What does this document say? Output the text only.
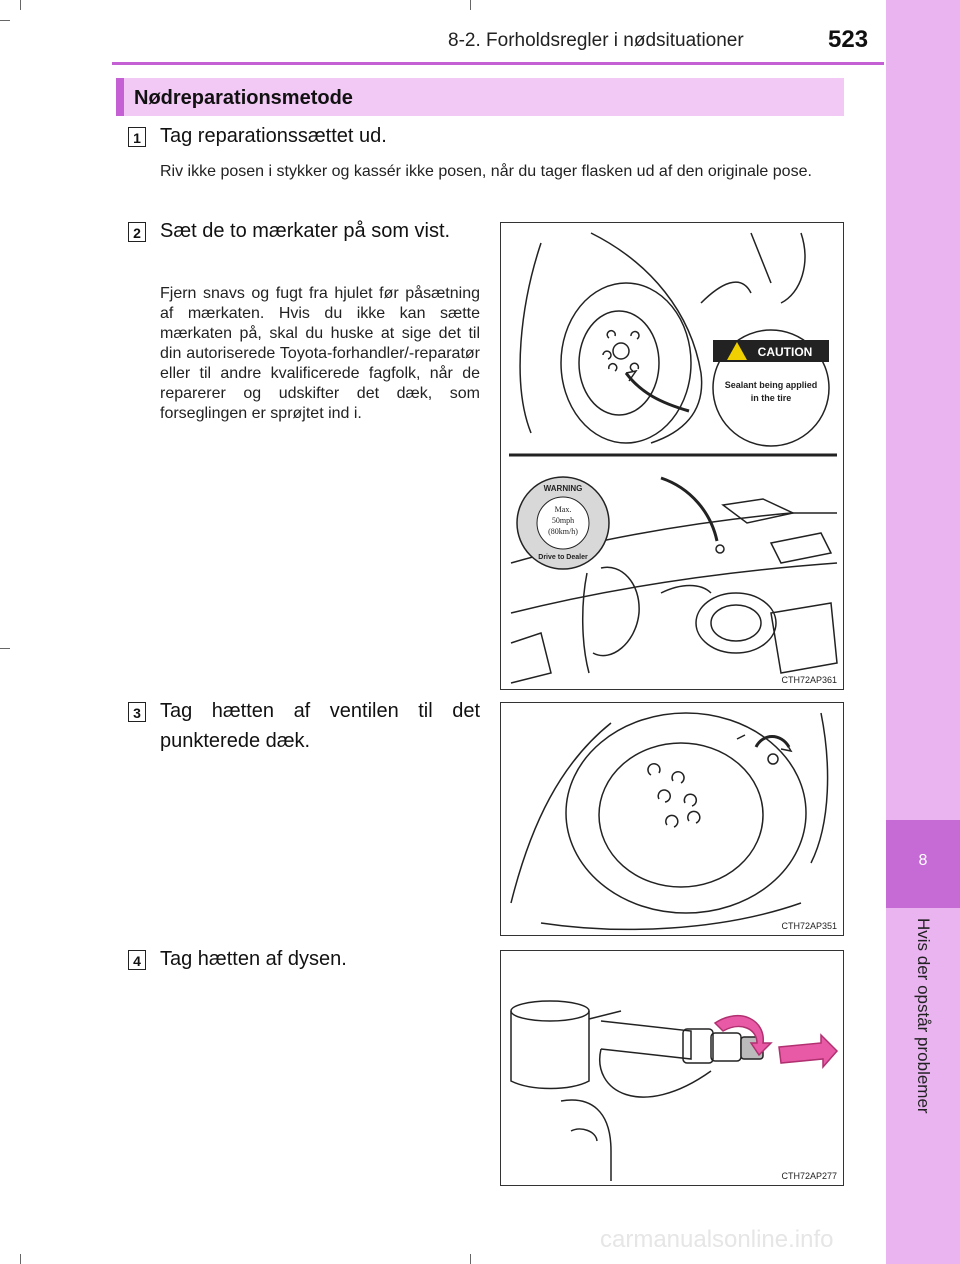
8-2. Forholdsregler i nødsituationer	523
8
Hvis der opstår problemer
Nødreparationsmetode
1 Tag reparationssættet ud.
Riv ikke posen i stykker og kassér ikke posen, når du tager flasken ud af den originale pose.
2 Sæt de to mærkater på som vist.
Fjern snavs og fugt fra hjulet før påsætning af mærkaten. Hvis du ikke kan sætte mærkaten på, skal du huske at sige det til din autoriserede Toyota-forhandler/-reparatør eller til andre kvalificerede fagfolk, når de reparerer og udskifter det dæk, som forseglingen er sprøjtet ind i.
CAUTION
Sealant being applied
in the tire
WARNING
Max.
50mph
(80km/h)
Drive to Dealer
CTH72AP361
3 Tag hætten af ventilen til det punkterede dæk.
CTH72AP351
4 Tag hætten af dysen.
CTH72AP277
carmanualsonline.info
